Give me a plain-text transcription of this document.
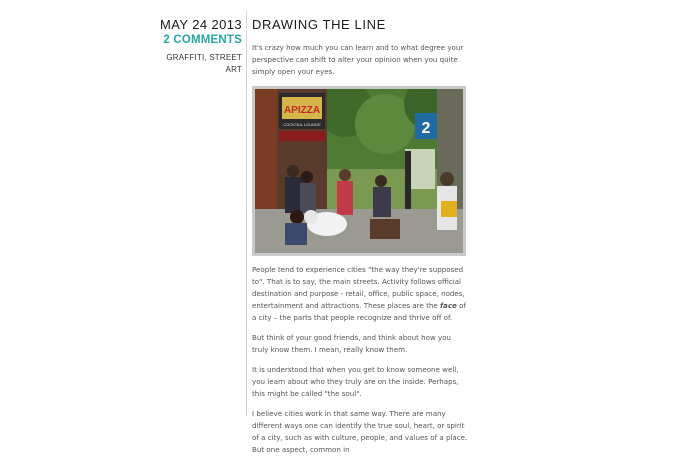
MAY 24 2013
2 COMMENTS
GRAFFITI, STREET ART
DRAWING THE LINE

It's crazy how much you can learn and to what degree your perspective can shift to alter your opinion when you quite simply open your eyes.

APIZZA
COCKTAIL LOUNGE	2

People tend to experience cities "the way they're supposed to". That is to say, the main streets. Activity follows official destination and purpose - retail, office, public space, nodes, entertainment and attractions. These places are the face of a city – the parts that people recognize and thrive off of.

But think of your good friends, and think about how you truly know them. I mean, really know them.

It is understood that when you get to know someone well, you learn about who they truly are on the inside. Perhaps, this might be called "the soul".

I believe cities work in that same way. There are many different ways one can identify the true soul, heart, or spirit of a city, such as with culture, people, and values of a place. But one aspect, common in
